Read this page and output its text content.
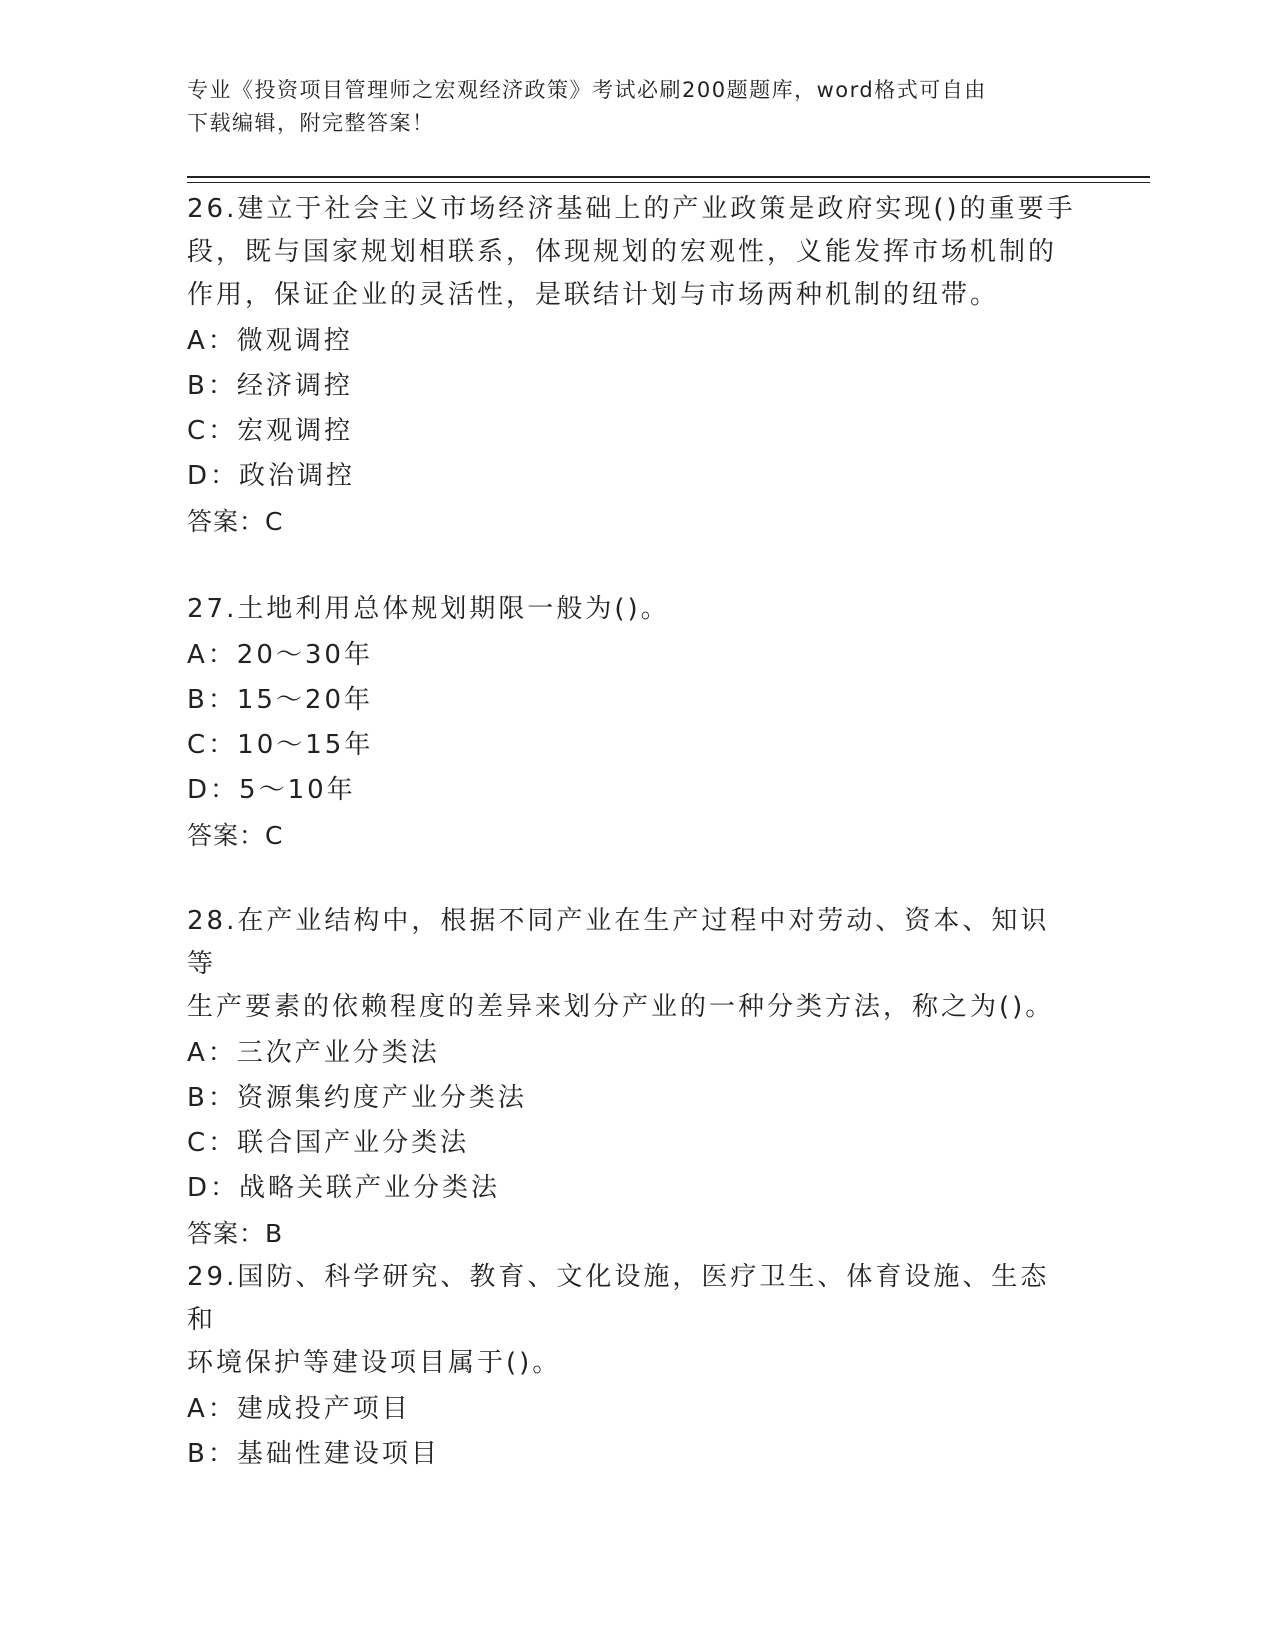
专业《投资项目管理师之宏观经济政策》考试必刷200题题库，word格式可自由
下载编辑，附完整答案！
26.建立于社会主义市场经济基础上的产业政策是政府实现()的重要手
段，既与国家规划相联系，体现规划的宏观性，义能发挥市场机制的
作用，保证企业的灵活性，是联结计划与市场两种机制的纽带。
A：微观调控
B：经济调控
C：宏观调控
D：政治调控
答案：C
27.土地利用总体规划期限一般为()。
A：20～30年
B：15～20年
C：10～15年
D：5～10年
答案：C
28.在产业结构中，根据不同产业在生产过程中对劳动、资本、知识等
生产要素的依赖程度的差异来划分产业的一种分类方法，称之为()。
A：三次产业分类法
B：资源集约度产业分类法
C：联合国产业分类法
D：战略关联产业分类法
答案：B
29.国防、科学研究、教育、文化设施，医疗卫生、体育设施、生态和
环境保护等建设项目属于()。
A：建成投产项目
B：基础性建设项目
